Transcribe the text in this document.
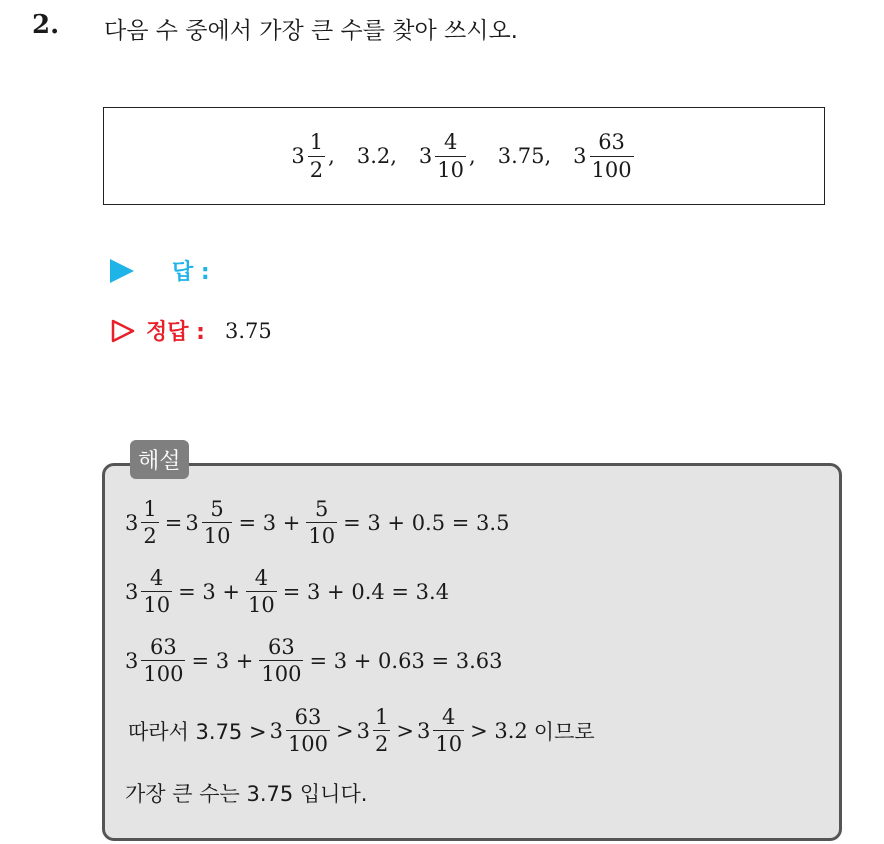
2. 다음 수 중에서 가장 큰 수를 찾아 쓰시오.
$3 \frac{1}{2}$ , 3.2, $3 \frac{4}{10}$ , 3.75, $3 \frac{63}{100}$
답 :
정답 : 3.75
해설
$3 \frac{1}{2} = 3 \frac{5}{10} = 3 + \frac{5}{10} = 3 + 0.5 = 3.5$
$3 \frac{4}{10} = 3 + \frac{4}{10} = 3 + 0.4 = 3.4$
$3 \frac{63}{100} = 3 + \frac{63}{100} = 3 + 0.63 = 3.63$
따라서 $3.75 > 3 \frac{63}{100} > 3 \frac{1}{2} > 3 \frac{4}{10} > 3.2$ 이므로
가장 큰 수는 3.75 입니다.
